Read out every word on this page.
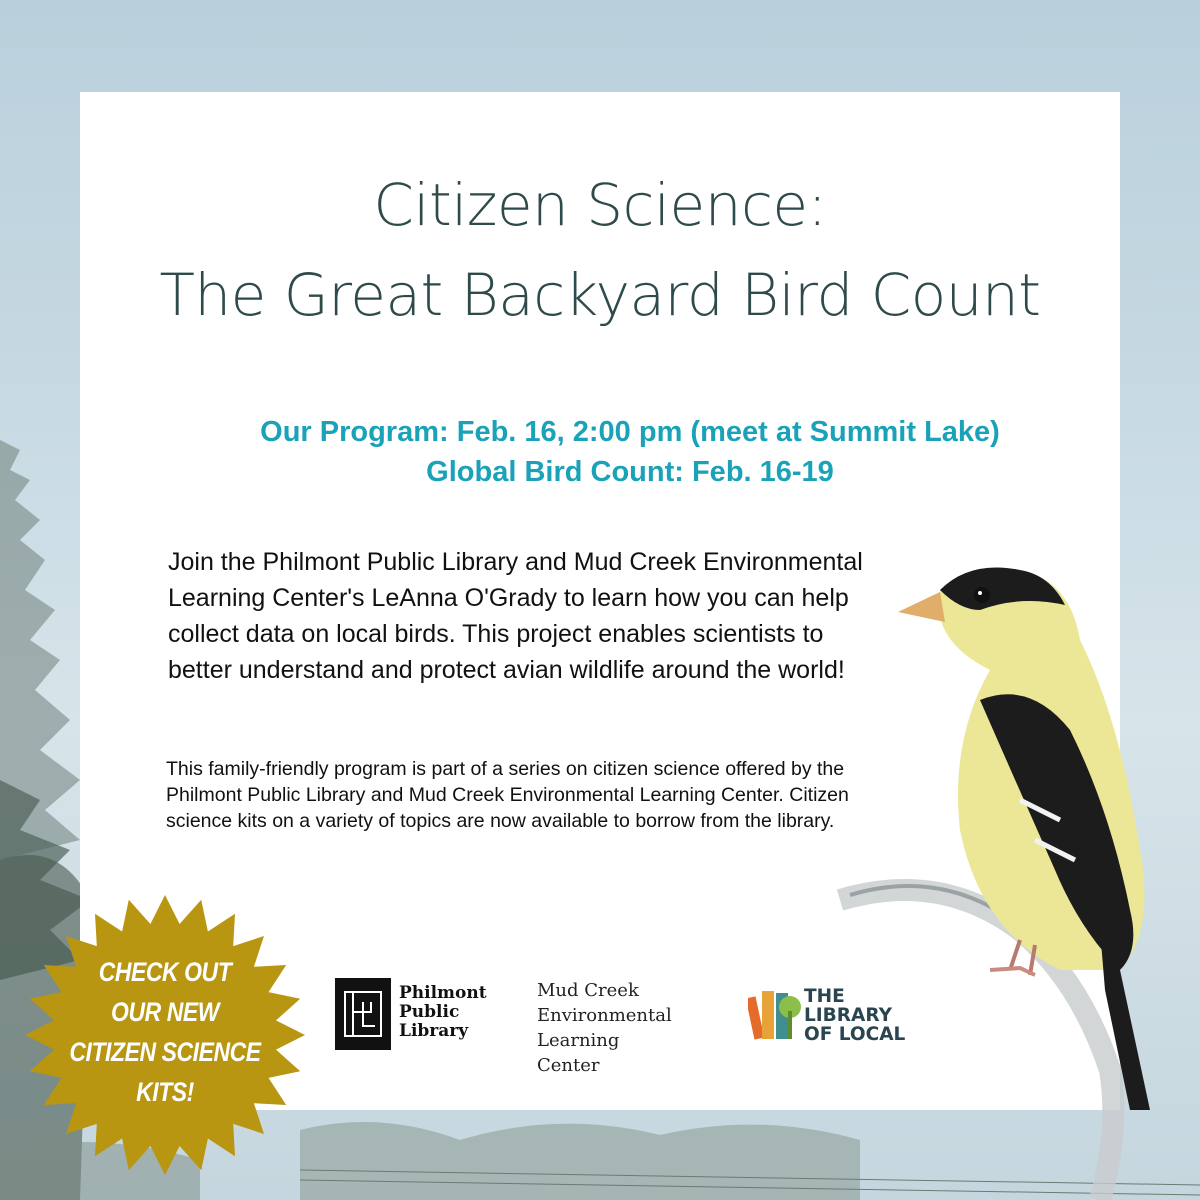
Citizen Science:
The Great Backyard Bird Count
Our Program: Feb. 16, 2:00 pm (meet at Summit Lake)
Global Bird Count: Feb. 16-19
Join the Philmont Public Library and Mud Creek Environmental Learning Center's LeAnna O'Grady to learn how you can help collect data on local birds. This project enables scientists to better understand and protect avian wildlife around the world!
This family-friendly program is part of a series on citizen science offered by the Philmont Public Library and Mud Creek Environmental Learning Center. Citizen science kits on a variety of topics are now available to borrow from the library.
CHECK OUT
OUR NEW
CITIZEN SCIENCE
KITS!
Philmont
Public
Library
Mud Creek
Environmental
Learning
Center
THE
LIBRARY
OF LOCAL
